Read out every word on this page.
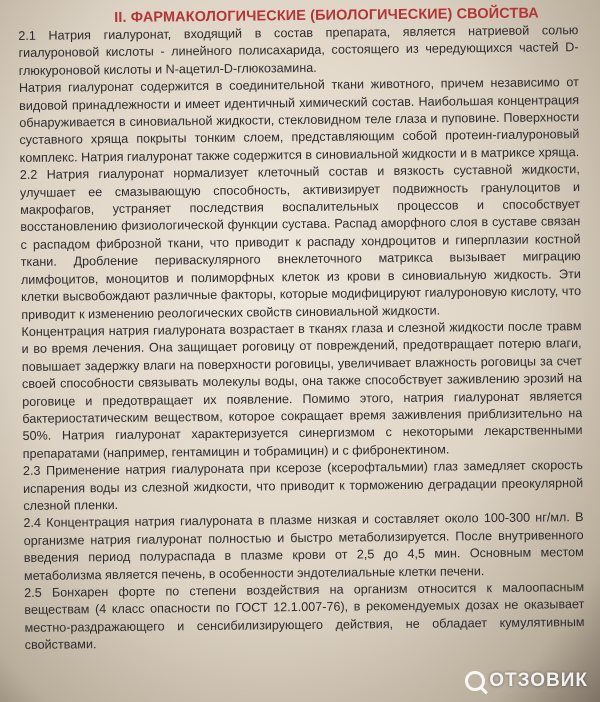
II. ФАРМАКОЛОГИЧЕСКИЕ (БИОЛОГИЧЕСКИЕ) СВОЙСТВА

2.1 Натрия гиалуронат, входящий в состав препарата, является натриевой солью гиалуроновой кислоты - линейного полисахарида, состоящего из чередующихся частей D-глюкуроновой кислоты и N-ацетил-D-глюкозамина.

Натрия гиалуронат содержится в соединительной ткани животного, причем независимо от видовой принадлежности и имеет идентичный химический состав. Наибольшая концентрация обнаруживается в синовиальной жидкости, стекловидном теле глаза и пуповине. Поверхности суставного хряща покрыты тонким слоем, представляющим собой протеин-гиалуроновый комплекс. Натрия гиалуронат также содержится в синовиальной жидкости и в матриксе хряща.

2.2 Натрия гиалуронат нормализует клеточный состав и вязкость суставной жидкости, улучшает ее смазывающую способность, активизирует подвижность гранулоцитов и макрофагов, устраняет последствия воспалительных процессов и способствует восстановлению физиологической функции сустава. Распад аморфного слоя в суставе связан с распадом фиброзной ткани, что приводит к распаду хондроцитов и гиперплазии костной ткани. Дробление периваскулярного внеклеточного матрикса вызывает миграцию лимфоцитов, моноцитов и полиморфных клеток из крови в синовиальную жидкость. Эти клетки высвобождают различные факторы, которые модифицируют гиалуроновую кислоту, что приводит к изменению реологических свойств синовиальной жидкости.

Концентрация натрия гиалуроната возрастает в тканях глаза и слезной жидкости после травм и во время лечения. Она защищает роговицу от повреждений, предотвращает потерю влаги, повышает задержку влаги на поверхности роговицы, увеличивает влажность роговицы за счет своей способности связывать молекулы воды, она также способствует заживлению эрозий на роговице и предотвращает их появление. Помимо этого, натрия гиалуронат является бактериостатическим веществом, которое сокращает время заживления приблизительно на 50%. Натрия гиалуронат характеризуется синергизмом с некоторыми лекарственными препаратами (например, гентамицин и тобрамицин) и с фибронектином.

2.3 Применение натрия гиалуроната при ксерозе (ксерофтальмии) глаз замедляет скорость испарения воды из слезной жидкости, что приводит к торможению деградации преокулярной слезной пленки.

2.4 Концентрация натрия гиалуроната в плазме низкая и составляет около 100-300 нг/мл. В организме натрия гиалуронат полностью и быстро метаболизируется. После внутривенного введения период полураспада в плазме крови от 2,5 до 4,5 мин. Основным местом метаболизма является печень, в особенности эндотелиальные клетки печени.

2.5 Бонхарен форте по степени воздействия на организм относится к малоопасным веществам (4 класс опасности по ГОСТ 12.1.007-76), в рекомендуемых дозах не оказывает местно-раздражающего и сенсибилизирующего действия, не обладает кумулятивным свойствами.

ОТЗОВИК
